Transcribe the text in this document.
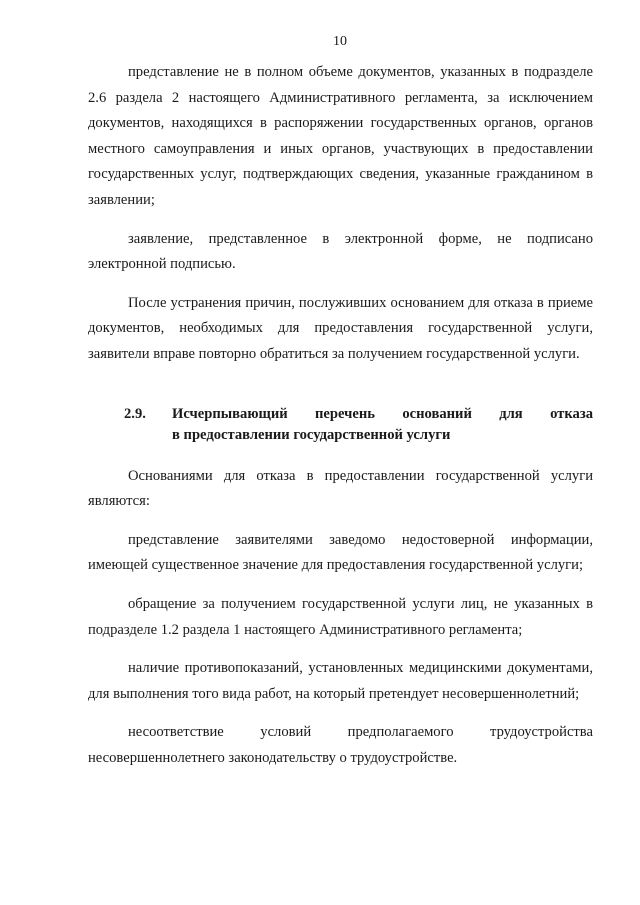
10

представление не в полном объеме документов, указанных в подразделе 2.6 раздела 2 настоящего Административного регламента, за исключением документов, находящихся в распоряжении государственных органов, органов местного самоуправления и иных органов, участвующих в предоставлении государственных услуг, подтверждающих сведения, указанные гражданином в заявлении;

заявление, представленное в электронной форме, не подписано электронной подписью.

После устранения причин, послуживших основанием для отказа в приеме документов, необходимых для предоставления государственной услуги, заявители вправе повторно обратиться за получением государственной услуги.

2.9.	Исчерпывающий перечень оснований для отказа
в предоставлении государственной услуги

Основаниями для отказа в предоставлении государственной услуги являются:

представление заявителями заведомо недостоверной информации, имеющей существенное значение для предоставления государственной услуги;

обращение за получением государственной услуги лиц, не указанных в подразделе 1.2 раздела 1 настоящего Административного регламента;

наличие противопоказаний, установленных медицинскими документами, для выполнения того вида работ, на который претендует несовершеннолетний;

несоответствие условий предполагаемого трудоустройства несовершеннолетнего законодательству о трудоустройстве.
